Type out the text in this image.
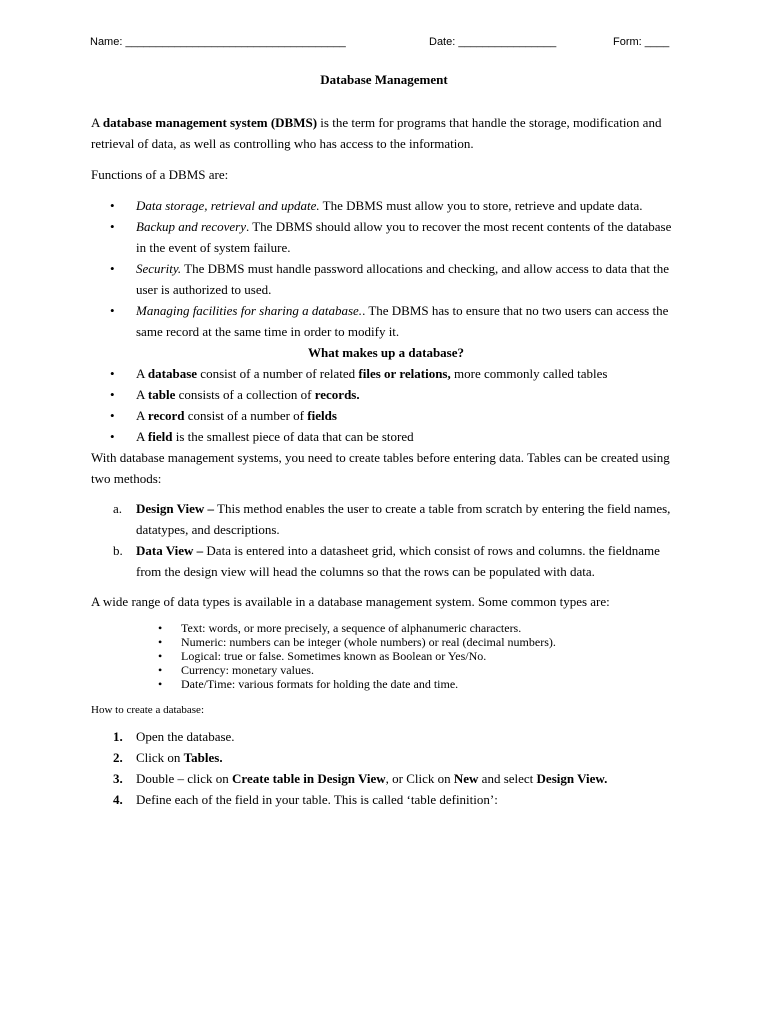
Name: ____________________________________	Date: ________________	Form: ____
Database Management

A database management system (DBMS) is the term for programs that handle the storage, modification and retrieval of data, as well as controlling who has access to the information.

Functions of a DBMS are:

• Data storage, retrieval and update. The DBMS must allow you to store, retrieve and update data.
• Backup and recovery. The DBMS should allow you to recover the most recent contents of the database in the event of system failure.
• Security. The DBMS must handle password allocations and checking, and allow access to data that the user is authorized to used.
• Managing facilities for sharing a database.. The DBMS has to ensure that no two users can access the same record at the same time in order to modify it.

What makes up a database?

• A database consist of a number of related files or relations, more commonly called tables
• A table consists of a collection of records.
• A record consist of a number of fields
• A field is the smallest piece of data that can be stored

With database management systems, you need to create tables before entering data. Tables can be created using two methods:

a. Design View – This method enables the user to create a table from scratch by entering the field names, datatypes, and descriptions.
b. Data View – Data is entered into a datasheet grid, which consist of rows and columns. the fieldname from the design view will head the columns so that the rows can be populated with data.

A wide range of data types is available in a database management system. Some common types are:

• Text: words, or more precisely, a sequence of alphanumeric characters.
• Numeric: numbers can be integer (whole numbers) or real (decimal numbers).
• Logical: true or false. Sometimes known as Boolean or Yes/No.
• Currency: monetary values.
• Date/Time: various formats for holding the date and time.

How to create a database:

1. Open the database.
2. Click on Tables.
3. Double – click on Create table in Design View, or Click on New and select Design View.
4. Define each of the field in your table. This is called ‘table definition’:
